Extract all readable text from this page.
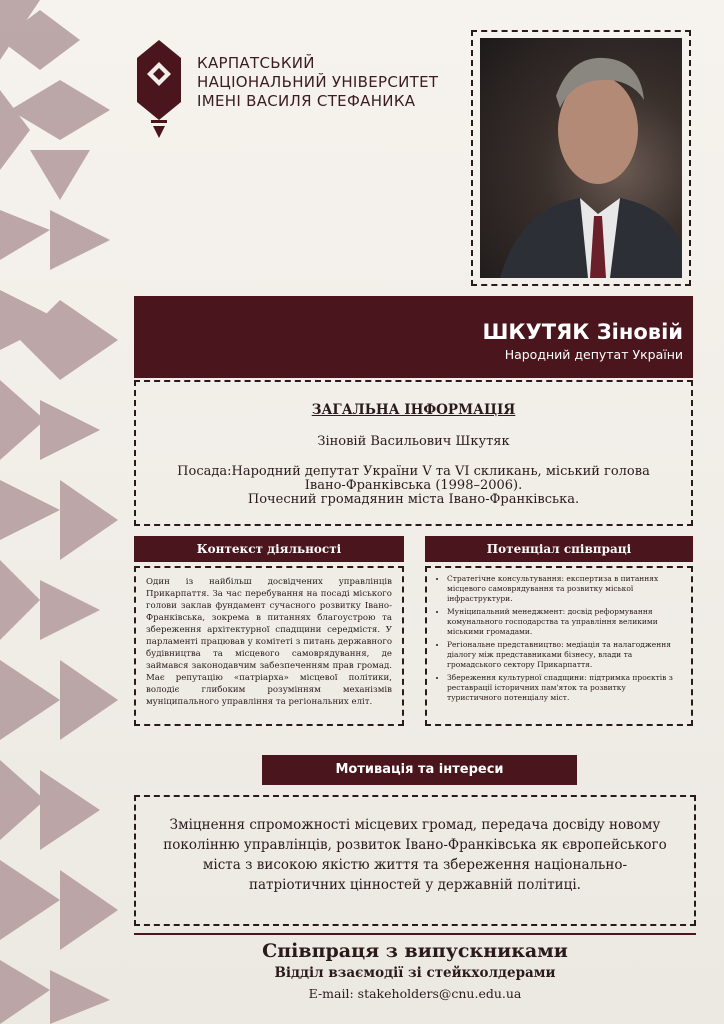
КАРПАТСЬКИЙ
НАЦІОНАЛЬНИЙ УНІВЕРСИТЕТ
ІМЕНІ ВАСИЛЯ СТЕФАНИКА
ШКУТЯК Зіновій
Народний депутат України
ЗАГАЛЬНА ІНФОРМАЦІЯ
Зіновій Васильович Шкутяк
Посада:Народний депутат України V та VI скликань, міський голова
Івано-Франківська (1998–2006).
Почесний громадянин міста Івано-Франківська.
Контекст діяльності
Один із найбільш досвідчених управлінців Прикарпаття. За час перебування на посаді міського голови заклав фундамент сучасного розвитку Івано-Франківська, зокрема в питаннях благоустрою та збереження архітектурної спадщини середмістя. У парламенті працював у комітеті з питань державного будівництва та місцевого самоврядування, де займався законодавчим забезпеченням прав громад. Має репутацію «патріарха» місцевої політики, володіє глибоким розумінням механізмів муніципального управління та регіональних еліт.
Потенціал співпраці
• Стратегічне консультування: експертиза в питаннях місцевого самоврядування та розвитку міської інфраструктури.
• Муніципальний менеджмент: досвід реформування комунального господарства та управління великими міськими громадами.
• Регіональне представництво: медіація та налагодження діалогу між представниками бізнесу, влади та громадського сектору Прикарпаття.
• Збереження культурної спадщини: підтримка проєктів з реставрації історичних пам'яток та розвитку туристичного потенціалу міст.
Мотивація та інтереси
Зміцнення спроможності місцевих громад, передача досвіду новому поколінню управлінців, розвиток Івано-Франківська як європейського міста з високою якістю життя та збереження національно-патріотичних цінностей у державній політиці.
Співпраця з випускниками
Відділ взаємодії зі стейкхолдерами
E-mail: stakeholders@cnu.edu.ua
